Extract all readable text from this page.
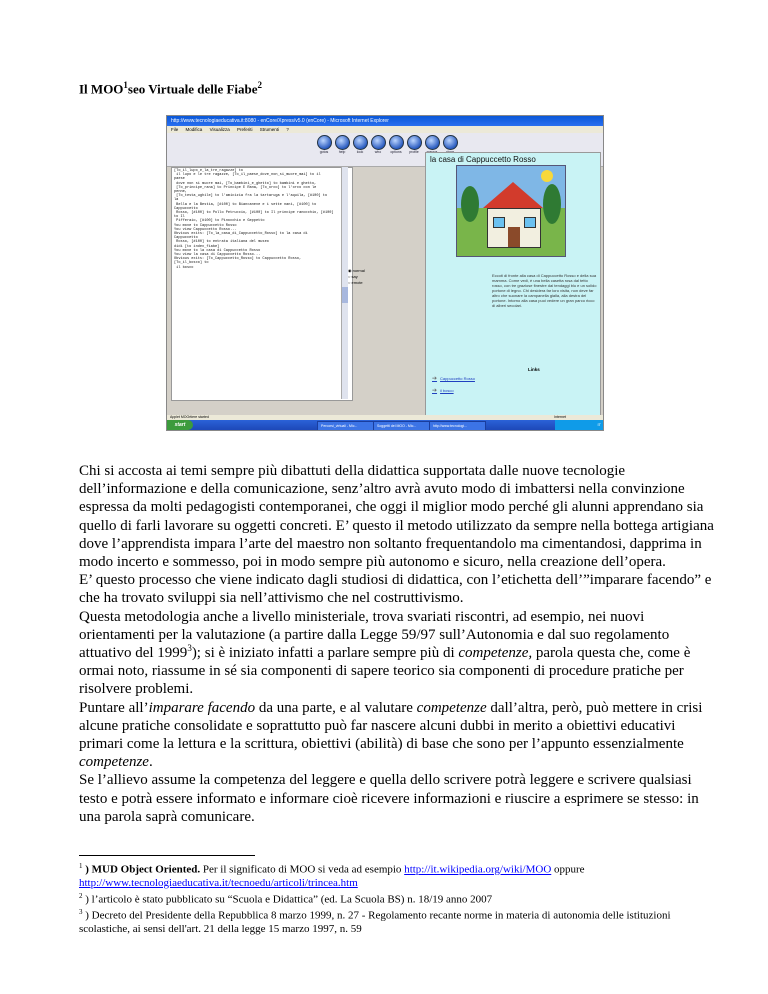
Il MOO$^1$seo Virtuale delle Fiabe$^2$
http://www.tecnologiaeducativa.it:8080 - enCore/Xpress/v5.0 (enCore) - Microsoft Internet Explorer
File Modifica Visualizza Preferiti Strumenti ?
gotos	help	look	who	options	profile
[To_il_lupo_e_la_tre_ragazze] to
il lupo e le tre ragazze, [To_il_paese_dove_non_si_muore_mai] to il
paese
dove non si muore mai, [To_bambini_e_ghetto] to bambini e ghetto,
[To_principe_rana] to Principe E Rana, [To_orco] to l'orco con le
penne,
[To_testa_ughile] to l'amicizia fra la tartaruga e l'aquila, [#100] to
la
Bella e la Bestia, [#100] to Biancaneve e i sette nani, [#100] to
Cappuccetto
Rosso, [#100] to Pollo Petruccio, [#100] to Il principe ranocchio, [#100]
to Il
Pifferaio, [#100] to Pinocchio e Geppetto
You move to Cappuccetto Rosso
You view Cappuccetto Rosso...
Obvious exits: [To_la_casa_di_Cappuccetto_Rosso] to la casa di
Cappuccetto
Rosso, [#100] to entrata italiana del museo
didi [to index_fiabe]
You move to la casa di Cappuccetto Rosso
You view la casa di Cappuccetto Rosso...
Obvious exits: [To_Cappuccetto_Rosso] to Cappuccetto Rosso,
[To_il_bosco] to
il bosco
◉ normal
○ say
○ emote
la casa di Cappuccetto Rosso
Eccoti di fronte alla casa di Cappuccetto Rosso e della sua mamma. Come vedi, è una bella casetta rosa dal tetto rosso, con tre graziose finestre dai tendaggi blu e un solido portone di legno. Chi desidera far loro visita, non deve far altro che suonare la campanella gialla, alla destra del portone. Intorno alla casa puoi vedere un gran parco ricco di alberi secolari.
Links
➔ Cappuccetto Rosso
➔ il bosco
Applet MOOrtiere started	Internet
start	Percorsi_virtuali - Mic...	Soggetti del MOO - Mic...	http://www.tecnologi...	IT

Chi si accosta ai temi sempre più dibattuti della didattica supportata dalle nuove tecnologie dell’informazione e della comunicazione, senz’altro avrà avuto modo di imbattersi nella convinzione espressa da molti pedagogisti contemporanei, che oggi il miglior modo perché gli alunni apprendano sia quello di farli lavorare su oggetti concreti. E’ questo il metodo utilizzato da sempre nella bottega artigiana dove l’apprendista impara l’arte del maestro non soltanto frequentandolo ma cimentandosi, dapprima in modo incerto e sommesso, poi in modo sempre più autonomo e sicuro, nella creazione dell’opera.

E’ questo processo che viene indicato dagli studiosi di didattica, con l’etichetta dell’”imparare facendo” e che ha trovato sviluppi sia nell’attivismo che nel costruttivismo.

Questa metodologia anche a livello ministeriale, trova svariati riscontri, ad esempio, nei nuovi orientamenti per la valutazione (a partire dalla Legge 59/97 sull’Autonomia e dal suo regolamento attuativo del 1999$^3$); si è iniziato infatti a parlare sempre più di competenze, parola questa che, come è ormai noto, riassume in sé sia componenti di sapere teorico sia componenti di procedure pratiche per risolvere problemi.

Puntare all’imparare facendo da una parte, e al valutare competenze dall’altra, però, può mettere in crisi alcune pratiche consolidate e soprattutto può far nascere alcuni dubbi in merito a obiettivi educativi primari come la lettura e la scrittura, obiettivi (abilità) di base che sono per l’appunto essenzialmente competenze.

Se l’allievo assume la competenza del leggere e quella dello scrivere potrà leggere e scrivere qualsiasi testo e potrà essere informato e informare cioè ricevere informazioni e riuscire a esprimere se stesso: in una parola saprà comunicare.

$^1$ ) MUD Object Oriented. Per il significato di MOO si veda ad esempio http://it.wikipedia.org/wiki/MOO oppure
http://www.tecnologiaeducativa.it/tecnoedu/articoli/trincea.htm

$^2$ ) l’articolo è stato pubblicato su “Scuola e Didattica” (ed. La Scuola BS) n. 18/19 anno 2007

$^3$ ) Decreto del Presidente della Repubblica 8 marzo 1999, n. 27 - Regolamento recante norme in materia di autonomia delle istituzioni scolastiche, ai sensi dell'art. 21 della legge 15 marzo 1997, n. 59
